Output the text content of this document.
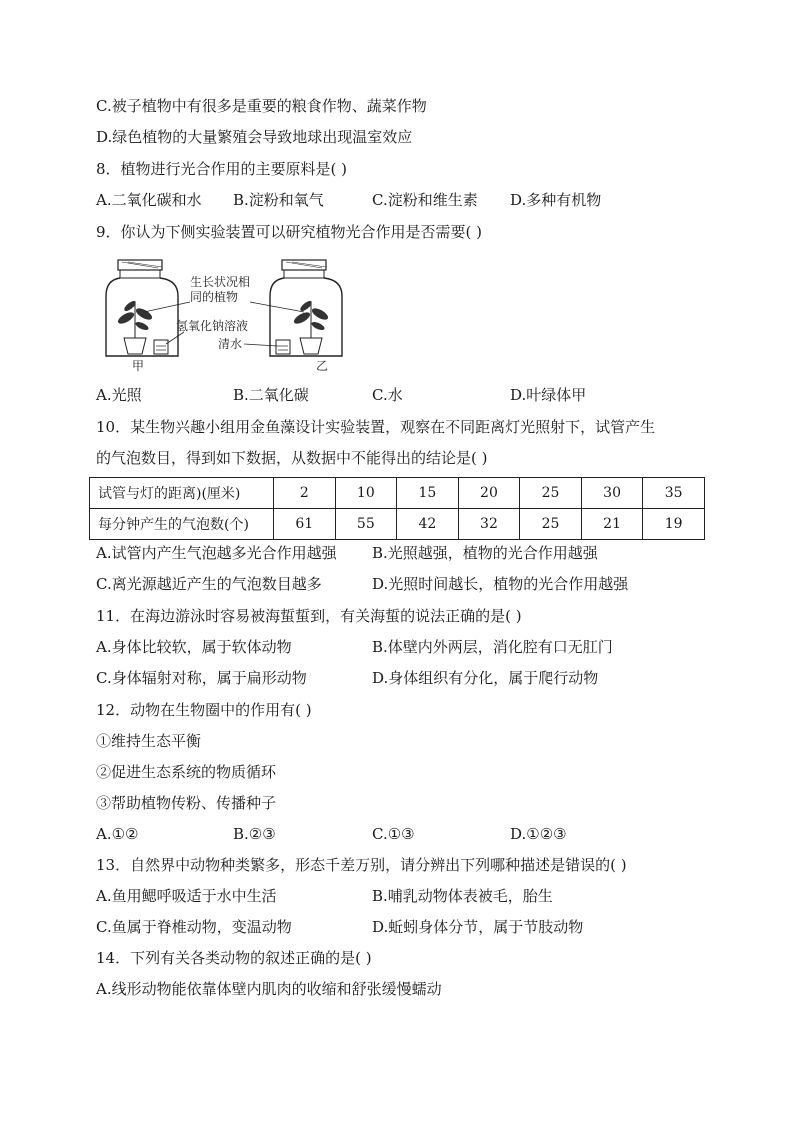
C.被子植物中有很多是重要的粮食作物、蔬菜作物
D.绿色植物的大量繁殖会导致地球出现温室效应
8．植物进行光合作用的主要原料是( )
A.二氧化碳和水 B.淀粉和氧气	C.淀粉和维生素 D.多种有机物
9．你认为下侧实验装置可以研究植物光合作用是否需要( )
甲	乙
生长状况相
同的植物
氢氧化钠溶液
清水
A.光照	B.二氧化碳	C.水	D.叶绿体甲
10．某生物兴趣小组用金鱼藻设计实验装置，观察在不同距离灯光照射下，试管产生
的气泡数目，得到如下数据，从数据中不能得出的结论是( )
试管与灯的距离)(厘米)	2	10	15	20	25	30	35
每分钟产生的气泡数(个)	61	55	42	32	25	21	19
A.试管内产生气泡越多光合作用越强 B.光照越强，植物的光合作用越强
C.离光源越近产生的气泡数目越多	D.光照时间越长，植物的光合作用越强
11．在海边游泳时容易被海蜇蜇到，有关海蜇的说法正确的是( )
A.身体比较软，属于软体动物	B.体壁内外两层，消化腔有口无肛门
C.身体辐射对称，属于扁形动物	D.身体组织有分化，属于爬行动物
12．动物在生物圈中的作用有( )
①维持生态平衡
②促进生态系统的物质循环
③帮助植物传粉、传播种子
A.①②	B.②③	C.①③	D.①②③
13．自然界中动物种类繁多，形态千差万别，请分辨出下列哪种描述是错误的( )
A.鱼用鳃呼吸适于水中生活	B.哺乳动物体表被毛，胎生
C.鱼属于脊椎动物，变温动物	D.蚯蚓身体分节，属于节肢动物
14．下列有关各类动物的叙述正确的是( )
A.线形动物能依靠体壁内肌肉的收缩和舒张缓慢蠕动
